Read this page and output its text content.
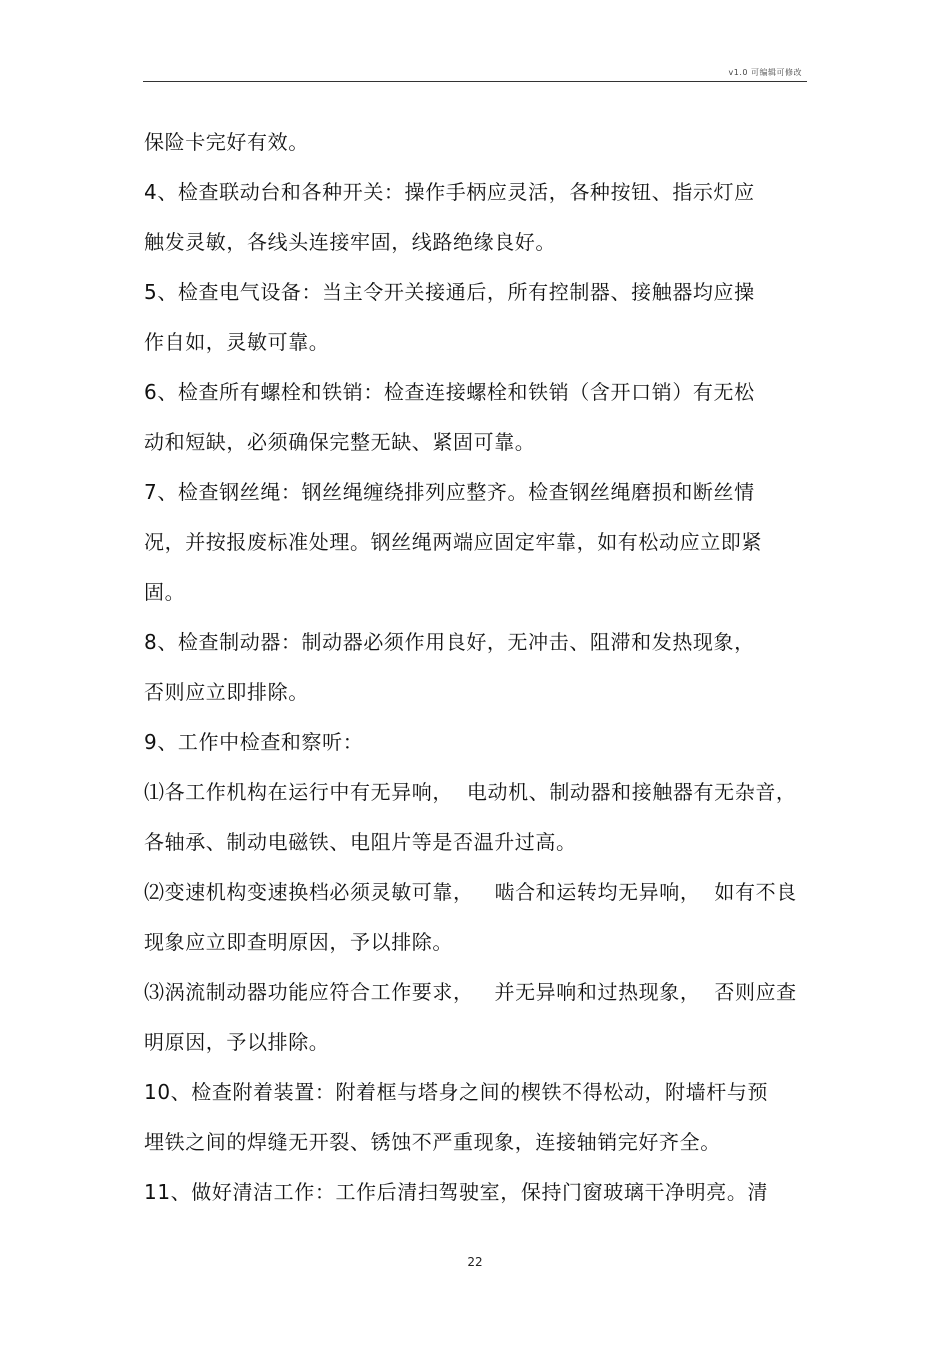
v1.0 可编辑可修改
保险卡完好有效。
4、检查联动台和各种开关：操作手柄应灵活，各种按钮、指示灯应
触发灵敏，各线头连接牢固，线路绝缘良好。
5、检查电气设备：当主令开关接通后，所有控制器、接触器均应操
作自如，灵敏可靠。
6、检查所有螺栓和铁销：检查连接螺栓和铁销（含开口销）有无松
动和短缺，必须确保完整无缺、紧固可靠。
7、检查钢丝绳：钢丝绳缠绕排列应整齐。检查钢丝绳磨损和断丝情
况，并按报废标准处理。钢丝绳两端应固定牢靠，如有松动应立即紧
固。
8、检查制动器：制动器必须作用良好，无冲击、阻滞和发热现象，
否则应立即排除。
9、工作中检查和察听：
⑴各工作机构在运行中有无异响，  电动机、制动器和接触器有无杂音，
各轴承、制动电磁铁、电阻片等是否温升过高。
⑵变速机构变速换档必须灵敏可靠，   啮合和运转均无异响，  如有不良
现象应立即查明原因，予以排除。
⑶涡流制动器功能应符合工作要求，   并无异响和过热现象，  否则应查
明原因，予以排除。
10、检查附着装置：附着框与塔身之间的楔铁不得松动，附墙杆与预
埋铁之间的焊缝无开裂、锈蚀不严重现象，连接轴销完好齐全。
11、做好清洁工作：工作后清扫驾驶室，保持门窗玻璃干净明亮。清
22
